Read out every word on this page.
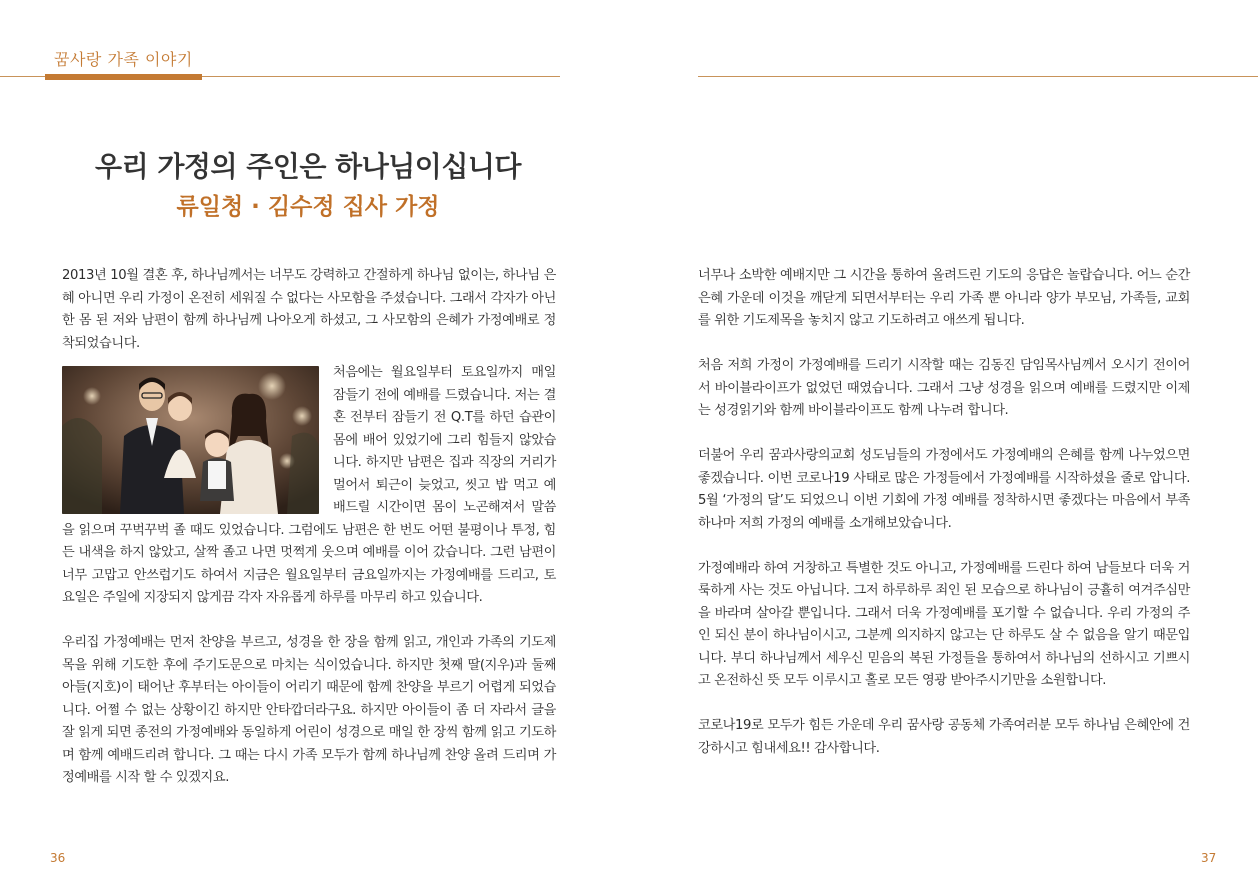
꿈사랑 가족 이야기
우리 가정의 주인은 하나님이십니다
류일청 · 김수정 집사 가정

2013년 10월 결혼 후, 하나님께서는 너무도 강력하고 간절하게 하나님 없이는, 하나님 은혜 아니면 우리 가정이 온전히 세워질 수 없다는 사모함을 주셨습니다. 그래서 각자가 아닌 한 몸 된 저와 남편이 함께 하나님께 나아오게 하셨고, 그 사모함의 은혜가 가정예배로 정착되었습니다.

처음에는 월요일부터 토요일까지 매일 잠들기 전에 예배를 드렸습니다. 저는 결혼 전부터 잠들기 전 Q.T를 하던 습관이 몸에 배어 있었기에 그리 힘들지 않았습니다. 하지만 남편은 집과 직장의 거리가 멀어서 퇴근이 늦었고, 씻고 밥 먹고 예배드릴 시간이면 몸이 노곤해져서 말씀을 읽으며 꾸벅꾸벅 졸 때도 있었습니다. 그럼에도 남편은 한 번도 어떤 불평이나 투정, 힘든 내색을 하지 않았고, 살짝 졸고 나면 멋쩍게 웃으며 예배를 이어 갔습니다. 그런 남편이 너무 고맙고 안쓰럽기도 하여서 지금은 월요일부터 금요일까지는 가정예배를 드리고, 토요일은 주일에 지장되지 않게끔 각자 자유롭게 하루를 마무리 하고 있습니다.

우리집 가정예배는 먼저 찬양을 부르고, 성경을 한 장을 함께 읽고, 개인과 가족의 기도제목을 위해 기도한 후에 주기도문으로 마치는 식이었습니다. 하지만 첫째 딸(지우)과 둘째 아들(지호)이 태어난 후부터는 아이들이 어리기 때문에 함께 찬양을 부르기 어렵게 되었습니다. 어쩔 수 없는 상황이긴 하지만 안타깝더라구요. 하지만 아이들이 좀 더 자라서 글을 잘 읽게 되면 종전의 가정예배와 동일하게 어린이 성경으로 매일 한 장씩 함께 읽고 기도하며 함께 예배드리려 합니다. 그 때는 다시 가족 모두가 함께 하나님께 찬양 올려 드리며 가정예배를 시작 할 수 있겠지요.

너무나 소박한 예배지만 그 시간을 통하여 올려드린 기도의 응답은 놀랍습니다. 어느 순간 은혜 가운데 이것을 깨닫게 되면서부터는 우리 가족 뿐 아니라 양가 부모님, 가족들, 교회를 위한 기도제목을 놓치지 않고 기도하려고 애쓰게 됩니다.

처음 저희 가정이 가정예배를 드리기 시작할 때는 김동진 담임목사님께서 오시기 전이어서 바이블라이프가 없었던 때였습니다. 그래서 그냥 성경을 읽으며 예배를 드렸지만 이제는 성경읽기와 함께 바이블라이프도 함께 나누려 합니다.

더불어 우리 꿈과사랑의교회 성도님들의 가정에서도 가정예배의 은혜를 함께 나누었으면 좋겠습니다. 이번 코로나19 사태로 많은 가정들에서 가정예배를 시작하셨을 줄로 압니다. 5월 ‘가정의 달’도 되었으니 이번 기회에 가정 예배를 정착하시면 좋겠다는 마음에서 부족하나마 저희 가정의 예배를 소개해보았습니다.

가정예배라 하여 거창하고 특별한 것도 아니고, 가정예배를 드린다 하여 남들보다 더욱 거룩하게 사는 것도 아닙니다. 그저 하루하루 죄인 된 모습으로 하나님이 긍휼히 여겨주심만을 바라며 살아갈 뿐입니다. 그래서 더욱 가정예배를 포기할 수 없습니다. 우리 가정의 주인 되신 분이 하나님이시고, 그분께 의지하지 않고는 단 하루도 살 수 없음을 알기 때문입니다. 부디 하나님께서 세우신 믿음의 복된 가정들을 통하여서 하나님의 선하시고 기쁘시고 온전하신 뜻 모두 이루시고 홀로 모든 영광 받아주시기만을 소원합니다.

코로나19로 모두가 힘든 가운데 우리 꿈사랑 공동체 가족여러분 모두 하나님 은혜안에 건강하시고 힘내세요!! 감사합니다.

36	37
